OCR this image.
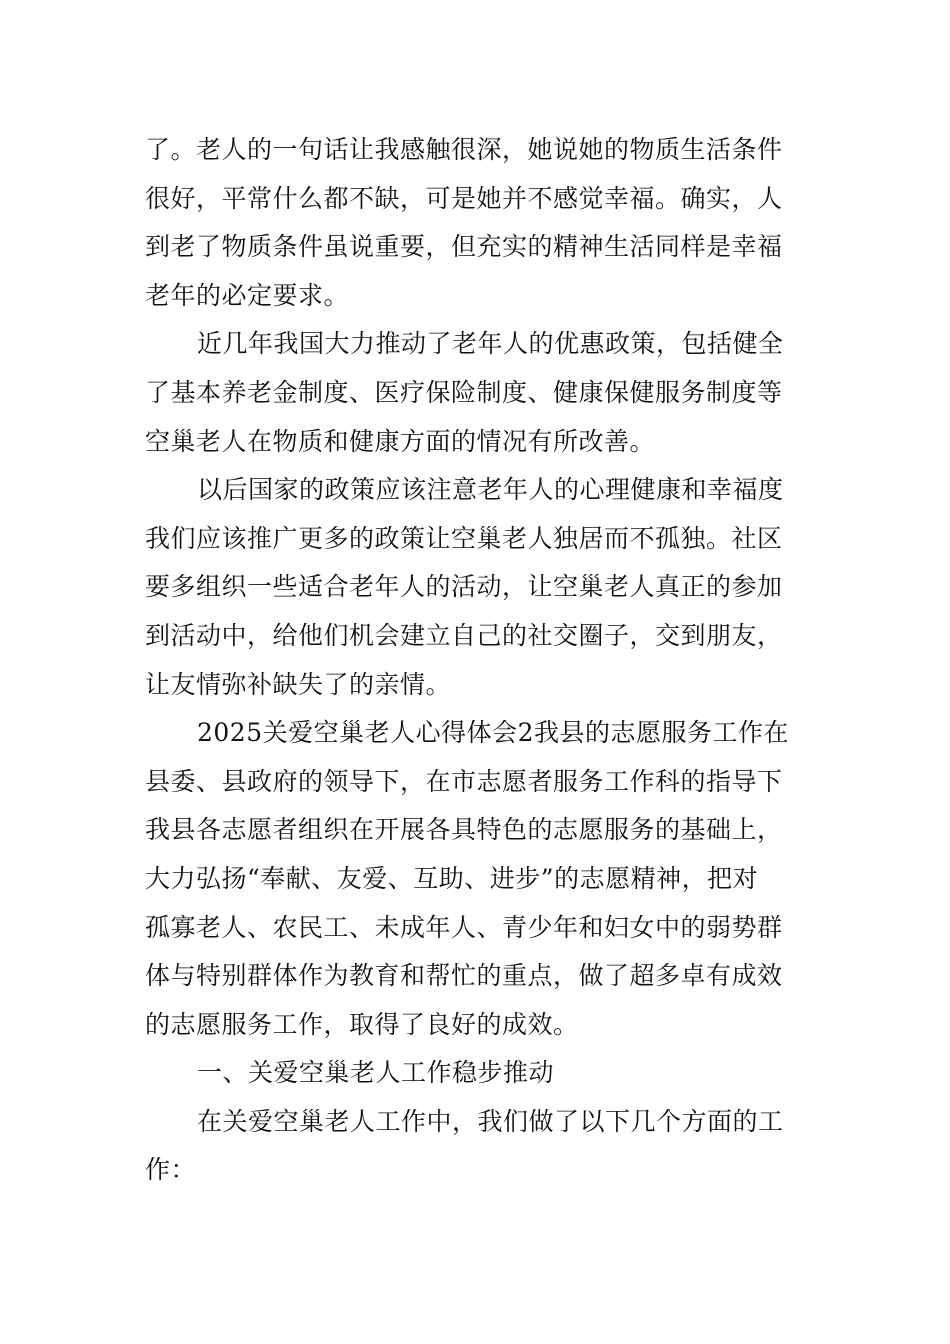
了。老人的一句话让我感触很深，她说她的物质生活条件
很好，平常什么都不缺，可是她并不感觉幸福。确实，人
到老了物质条件虽说重要，但充实的精神生活同样是幸福
老年的必定要求。
近几年我国大力推动了老年人的优惠政策，包括健全
了基本养老金制度、医疗保险制度、健康保健服务制度等
空巢老人在物质和健康方面的情况有所改善。
以后国家的政策应该注意老年人的心理健康和幸福度
我们应该推广更多的政策让空巢老人独居而不孤独。社区
要多组织一些适合老年人的活动，让空巢老人真正的参加
到活动中，给他们机会建立自己的社交圈子，交到朋友，
让友情弥补缺失了的亲情。
2025关爱空巢老人心得体会2我县的志愿服务工作在
县委、县政府的领导下，在市志愿者服务工作科的指导下
我县各志愿者组织在开展各具特色的志愿服务的基础上，
大力弘扬“奉献、友爱、互助、进步”的志愿精神，把对
孤寡老人、农民工、未成年人、青少年和妇女中的弱势群
体与特别群体作为教育和帮忙的重点，做了超多卓有成效
的志愿服务工作，取得了良好的成效。
一、关爱空巢老人工作稳步推动
在关爱空巢老人工作中，我们做了以下几个方面的工
作：
